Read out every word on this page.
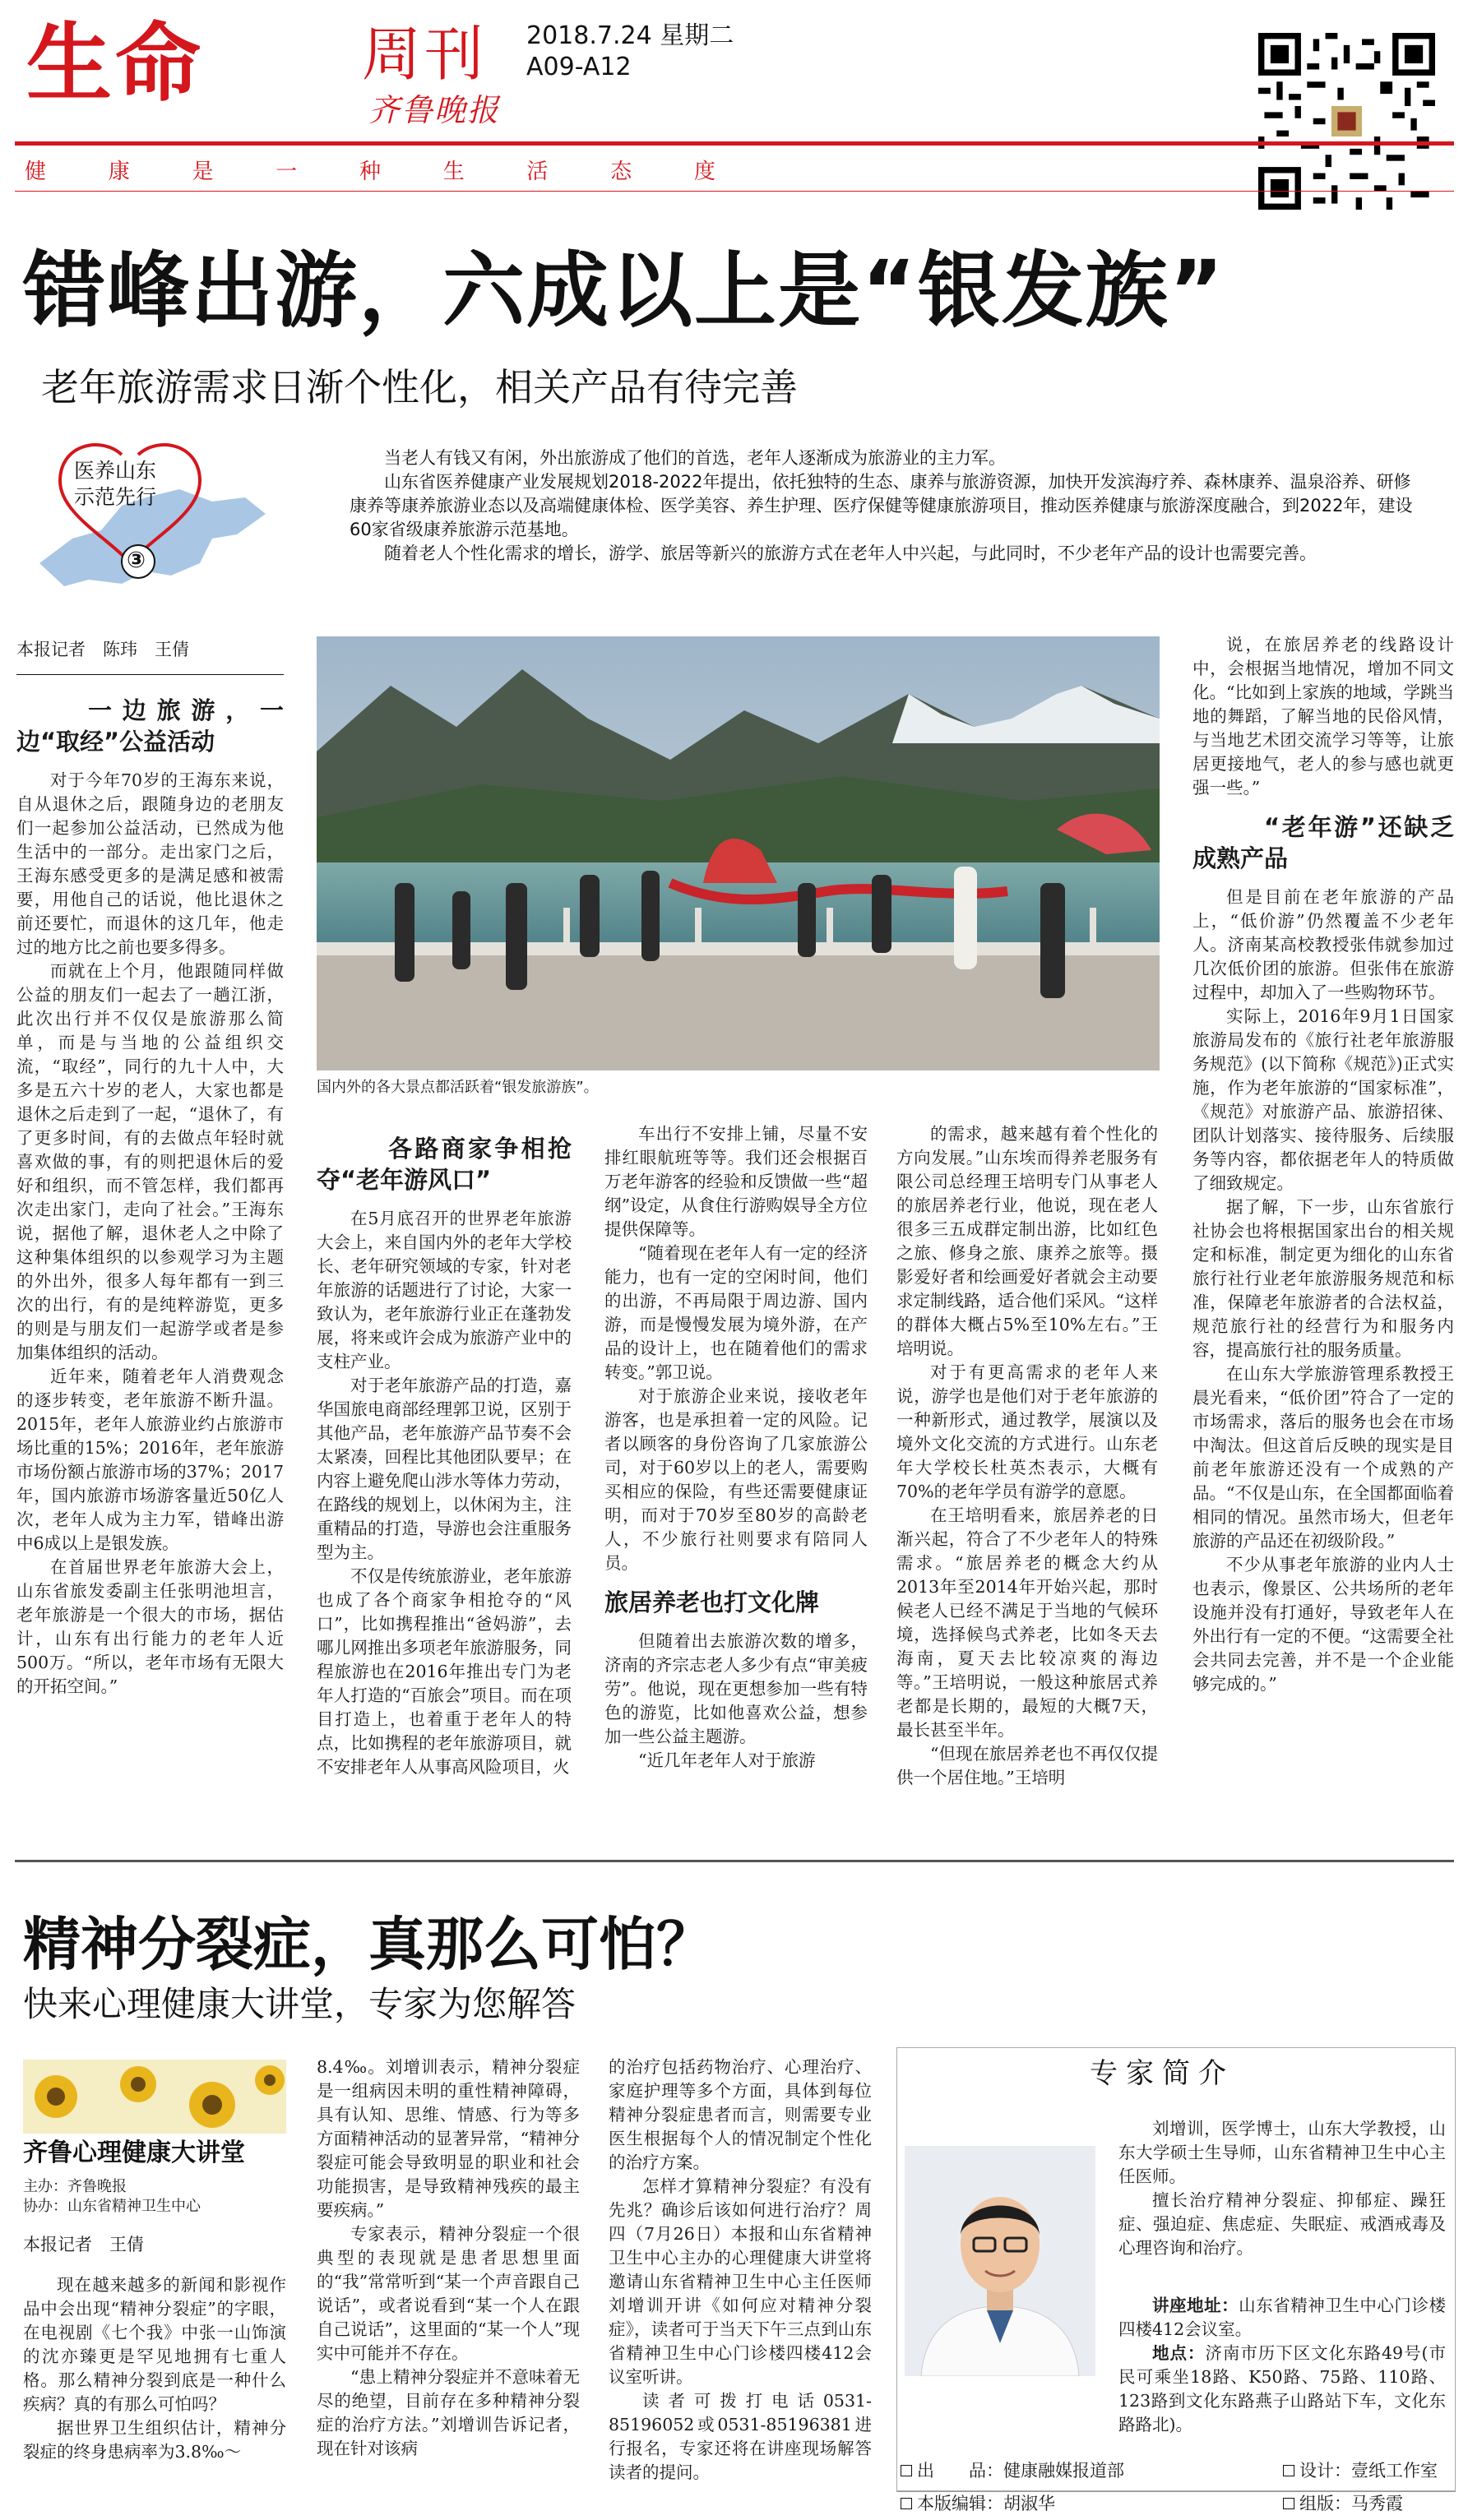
生命	周刊 2018.7.24 星期二
A09-A12
齐鲁晚报
健	康	是	一	种	生	活	态	度
错峰出游，六成以上是“银发族”
老年旅游需求日渐个性化，相关产品有待完善
医养山东
示范先行
③

当老人有钱又有闲，外出旅游成了他们的首选，老年人逐渐成为旅游业的主力军。

山东省医养健康产业发展规划2018-2022年提出，依托独特的生态、康养与旅游资源，加快开发滨海疗养、森林康养、温泉浴养、研修康养等康养旅游业态以及高端健康体检、医学美容、养生护理、医疗保健等健康旅游项目，推动医养健康与旅游深度融合，到2022年，建设60家省级康养旅游示范基地。

随着老人个性化需求的增长，游学、旅居等新兴的旅游方式在老年人中兴起，与此同时，不少老年产品的设计也需要完善。

本报记者　陈玮　王倩
国内外的各大景点都活跃着“银发旅游族”。
一边旅游，一边“取经”公益活动

对于今年70岁的王海东来说，自从退休之后，跟随身边的老朋友们一起参加公益活动，已然成为他生活中的一部分。走出家门之后，王海东感受更多的是满足感和被需要，用他自己的话说，他比退休之前还要忙，而退休的这几年，他走过的地方比之前也要多得多。

而就在上个月，他跟随同样做公益的朋友们一起去了一趟江浙，此次出行并不仅仅是旅游那么简单，而是与当地的公益组织交流，“取经”，同行的九十人中，大多是五六十岁的老人，大家也都是退休之后走到了一起，“退休了，有了更多时间，有的去做点年轻时就喜欢做的事，有的则把退休后的爱好和组织，而不管怎样，我们都再次走出家门，走向了社会。”王海东说，据他了解，退休老人之中除了这种集体组织的以参观学习为主题的外出外，很多人每年都有一到三次的出行，有的是纯粹游览，更多的则是与朋友们一起游学或者是参加集体组织的活动。

近年来，随着老年人消费观念的逐步转变，老年旅游不断升温。2015年，老年人旅游业约占旅游市场比重的15%；2016年，老年旅游市场份额占旅游市场的37%；2017年，国内旅游市场游客量近50亿人次，老年人成为主力军，错峰出游中6成以上是银发族。

在首届世界老年旅游大会上，山东省旅发委副主任张明池坦言，老年旅游是一个很大的市场，据估计，山东有出行能力的老年人近500万。“所以，老年市场有无限大的开拓空间。”

各路商家争相抢夺“老年游风口”

在5月底召开的世界老年旅游大会上，来自国内外的老年大学校长、老年研究领域的专家，针对老年旅游的话题进行了讨论，大家一致认为，老年旅游行业正在蓬勃发展，将来或许会成为旅游产业中的支柱产业。

对于老年旅游产品的打造，嘉华国旅电商部经理郭卫说，区别于其他产品，老年旅游产品节奏不会太紧凑，回程比其他团队要早；在内容上避免爬山涉水等体力劳动，在路线的规划上，以休闲为主，注重精品的打造，导游也会注重服务型为主。

不仅是传统旅游业，老年旅游也成了各个商家争相抢夺的“风口”，比如携程推出“爸妈游”，去哪儿网推出多项老年旅游服务，同程旅游也在2016年推出专门为老年人打造的“百旅会”项目。而在项目打造上，也着重于老年人的特点，比如携程的老年旅游项目，就不安排老年人从事高风险项目，火

车出行不安排上铺，尽量不安排红眼航班等等。我们还会根据百万老年游客的经验和反馈做一些“超纲”设定，从食住行游购娱导全方位提供保障等。

“随着现在老年人有一定的经济能力，也有一定的空闲时间，他们的出游，不再局限于周边游、国内游，而是慢慢发展为境外游，在产品的设计上，也在随着他们的需求转变。”郭卫说。

对于旅游企业来说，接收老年游客，也是承担着一定的风险。记者以顾客的身份咨询了几家旅游公司，对于60岁以上的老人，需要购买相应的保险，有些还需要健康证明，而对于70岁至80岁的高龄老人，不少旅行社则要求有陪同人员。

旅居养老也打文化牌

但随着出去旅游次数的增多，济南的齐宗志老人多少有点“审美疲劳”。他说，现在更想参加一些有特色的游览，比如他喜欢公益，想参加一些公益主题游。

“近几年老年人对于旅游

的需求，越来越有着个性化的方向发展。”山东埃而得养老服务有限公司总经理王培明专门从事老人的旅居养老行业，他说，现在老人很多三五成群定制出游，比如红色之旅、修身之旅、康养之旅等。摄影爱好者和绘画爱好者就会主动要求定制线路，适合他们采风。“这样的群体大概占5%至10%左右。”王培明说。

对于有更高需求的老年人来说，游学也是他们对于老年旅游的一种新形式，通过教学，展演以及境外文化交流的方式进行。山东老年大学校长杜英杰表示，大概有70%的老年学员有游学的意愿。

在王培明看来，旅居养老的日渐兴起，符合了不少老年人的特殊需求。“旅居养老的概念大约从2013年至2014年开始兴起，那时候老人已经不满足于当地的气候环境，选择候鸟式养老，比如冬天去海南，夏天去比较凉爽的海边等。”王培明说，一般这种旅居式养老都是长期的，最短的大概7天，最长甚至半年。

“但现在旅居养老也不再仅仅提供一个居住地。”王培明

说，在旅居养老的线路设计中，会根据当地情况，增加不同文化。“比如到上家族的地域，学跳当地的舞蹈，了解当地的民俗风情，与当地艺术团交流学习等等，让旅居更接地气，老人的参与感也就更强一些。”

“老年游”还缺乏成熟产品

但是目前在老年旅游的产品上，“低价游”仍然覆盖不少老年人。济南某高校教授张伟就参加过几次低价团的旅游。但张伟在旅游过程中，却加入了一些购物环节。

实际上，2016年9月1日国家旅游局发布的《旅行社老年旅游服务规范》(以下简称《规范》)正式实施，作为老年旅游的“国家标准”，《规范》对旅游产品、旅游招徕、团队计划落实、接待服务、后续服务等内容，都依据老年人的特质做了细致规定。

据了解，下一步，山东省旅行社协会也将根据国家出台的相关规定和标准，制定更为细化的山东省旅行社行业老年旅游服务规范和标准，保障老年旅游者的合法权益，规范旅行社的经营行为和服务内容，提高旅行社的服务质量。

在山东大学旅游管理系教授王晨光看来，“低价团”符合了一定的市场需求，落后的服务也会在市场中淘汰。但这首后反映的现实是目前老年旅游还没有一个成熟的产品。“不仅是山东，在全国都面临着相同的情况。虽然市场大，但老年旅游的产品还在初级阶段。”

不少从事老年旅游的业内人士也表示，像景区、公共场所的老年设施并没有打通好，导致老年人在外出行有一定的不便。“这需要全社会共同去完善，并不是一个企业能够完成的。”

精神分裂症，真那么可怕？
快来心理健康大讲堂，专家为您解答
齐鲁心理健康大讲堂
主办：齐鲁晚报
协办：山东省精神卫生中心
本报记者　王倩

现在越来越多的新闻和影视作品中会出现“精神分裂症”的字眼，在电视剧《七个我》中张一山饰演的沈亦臻更是罕见地拥有七重人格。那么精神分裂到底是一种什么疾病？真的有那么可怕吗？

据世界卫生组织估计，精神分裂症的终身患病率为3.8‰～

8.4‰。刘增训表示，精神分裂症是一组病因未明的重性精神障碍，具有认知、思维、情感、行为等多方面精神活动的显著异常，“精神分裂症可能会导致明显的职业和社会功能损害，是导致精神残疾的最主要疾病。”

专家表示，精神分裂症一个很典型的表现就是患者思想里面的“我”常常听到“某一个声音跟自己说话”，或者说看到“某一个人在跟自己说话”，这里面的“某一个人”现实中可能并不存在。

“患上精神分裂症并不意味着无尽的绝望，目前存在多种精神分裂症的治疗方法。”刘增训告诉记者，现在针对该病

的治疗包括药物治疗、心理治疗、家庭护理等多个方面，具体到每位精神分裂症患者而言，则需要专业医生根据每个人的情况制定个性化的治疗方案。

怎样才算精神分裂症？有没有先兆？确诊后该如何进行治疗？周四（7月26日）本报和山东省精神卫生中心主办的心理健康大讲堂将邀请山东省精神卫生中心主任医师刘增训开讲《如何应对精神分裂症》，读者可于当天下午三点到山东省精神卫生中心门诊楼四楼412会议室听讲。

读者可拨打电话0531-85196052或0531-85196381进行报名，专家还将在讲座现场解答读者的提问。

专家简介

刘增训，医学博士，山东大学教授，山东大学硕士生导师，山东省精神卫生中心主任医师。

擅长治疗精神分裂症、抑郁症、躁狂症、强迫症、焦虑症、失眠症、戒酒戒毒及心理咨询和治疗。

讲座地址：山东省精神卫生中心门诊楼四楼412会议室。

地点：济南市历下区文化东路49号(市民可乘坐18路、K50路、75路、110路、123路到文化东路燕子山路站下车，文化东路路北)。

出　　品：健康融媒报道部
本版编辑：胡淑华
设计：壹纸工作室
组版：马秀霞
